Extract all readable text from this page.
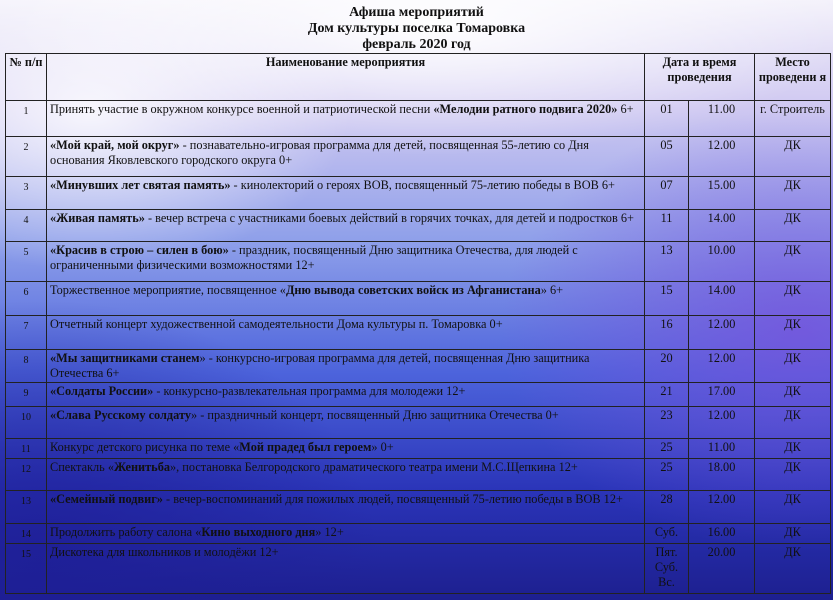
Афиша мероприятий
Дом культуры поселка Томаровка
февраль 2020 год
№ п/п	Наименование мероприятия	Дата и время проведения		Место проведени я
1	Принять участие в окружном конкурсе военной и патриотической песни «Мелодии ратного подвига 2020» 6+	01	11.00	г. Строитель
2	«Мой край, мой округ» - познавательно-игровая программа для детей, посвященная 55-летию со Дня основания Яковлевского городского округа 0+	05	12.00	ДК
3	«Минувших лет святая память» - кинолекторий о героях ВОВ, посвященный 75-летию победы в ВОВ 6+	07	15.00	ДК
4	«Живая память» - вечер встреча с участниками боевых действий в горячих точках, для детей и подростков 6+	11	14.00	ДК
5	«Красив в строю – силен в бою» - праздник, посвященный Дню защитника Отечества, для людей с ограниченными физическими возможностями 12+	13	10.00	ДК
6	Торжественное мероприятие, посвященное «Дню вывода советских войск из Афганистана» 6+	15	14.00	ДК
7	Отчетный концерт художественной самодеятельности Дома культуры п. Томаровка 0+	16	12.00	ДК
8	«Мы защитниками станем» - конкурсно-игровая программа для детей, посвященная Дню защитника Отечества 6+	20	12.00	ДК
9	«Солдаты России» - конкурсно-развлекательная программа для молодежи 12+	21	17.00	ДК
10	«Слава Русскому солдату» - праздничный концерт, посвященный Дню защитника Отечества 0+	23	12.00	ДК
11	Конкурс детского рисунка по теме «Мой прадед был героем» 0+	25	11.00	ДК
12	Спектакль «Женитьба», постановка Белгородского драматического театра имени М.С.Щепкина 12+	25	18.00	ДК
13	«Семейный подвиг» - вечер-воспоминаний для пожилых людей, посвященный 75-летию победы в ВОВ 12+	28	12.00	ДК
14	Продолжить работу салона «Кино выходного дня» 12+	Суб.	16.00	ДК
15	Дискотека для школьников и молодёжи 12+	Пят. Суб. Вс.	20.00	ДК
